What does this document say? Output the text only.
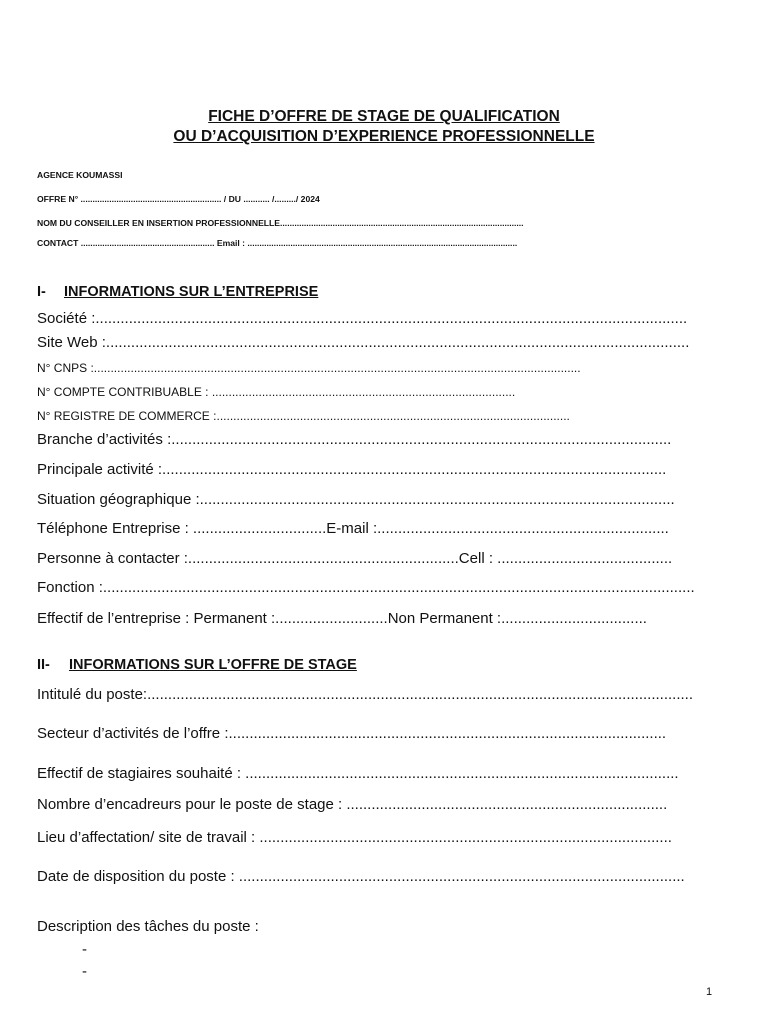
FICHE D’OFFRE DE STAGE DE QUALIFICATION
OU D’ACQUISITION D’EXPERIENCE PROFESSIONNELLE
AGENCE KOUMASSI
OFFRE N° ........................................................... / DU ........... /........./ 2024
NOM DU CONSEILLER EN INSERTION PROFESSIONNELLE......................................................................................................
CONTACT ........................................................ Email : .................................................................................................................
I- INFORMATIONS SUR L’ENTREPRISE
Société :..............................................................................................................................................
Site Web :............................................................................................................................................
N° CNPS :..................................................................................................................................................
N° COMPTE CONTRIBUABLE : ...........................................................................................
N° REGISTRE DE COMMERCE :..........................................................................................................
Branche d’activités :........................................................................................................................
Principale activité :.........................................................................................................................
Situation géographique :..................................................................................................................
Téléphone Entreprise : ................................E-mail :......................................................................
Personne à contacter :.................................................................Cell : ..........................................
Fonction :..............................................................................................................................................
Effectif de l’entreprise : Permanent :...........................Non Permanent :...................................
II- INFORMATIONS SUR L’OFFRE DE STAGE
Intitulé du poste:...................................................................................................................................
Secteur d’activités de l’offre :.........................................................................................................
Effectif de stagiaires souhaité : ........................................................................................................
Nombre d’encadreurs pour le poste de stage : .............................................................................
Lieu d’affectation/ site de travail : ...................................................................................................
Date de disposition du poste : ...........................................................................................................
Description des tâches du poste :
-
-
1
